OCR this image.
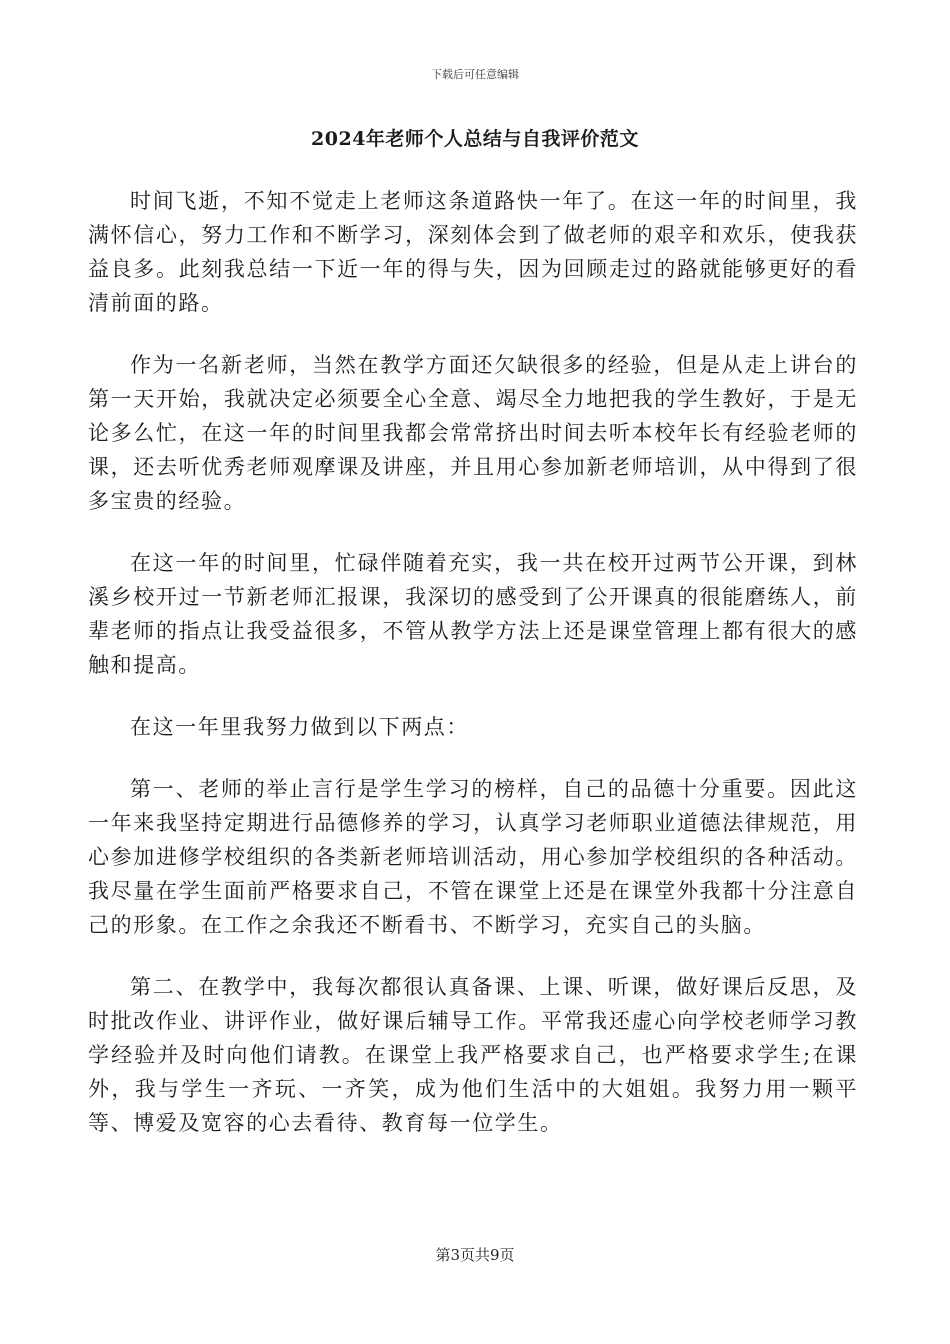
下载后可任意编辑
2024年老师个人总结与自我评价范文

时间飞逝，不知不觉走上老师这条道路快一年了。在这一年的时间里，我满怀信心，努力工作和不断学习，深刻体会到了做老师的艰辛和欢乐，使我获益良多。此刻我总结一下近一年的得与失，因为回顾走过的路就能够更好的看清前面的路。

作为一名新老师，当然在教学方面还欠缺很多的经验，但是从走上讲台的第一天开始，我就决定必须要全心全意、竭尽全力地把我的学生教好，于是无论多么忙，在这一年的时间里我都会常常挤出时间去听本校年长有经验老师的课，还去听优秀老师观摩课及讲座，并且用心参加新老师培训，从中得到了很多宝贵的经验。

在这一年的时间里，忙碌伴随着充实，我一共在校开过两节公开课，到林溪乡校开过一节新老师汇报课，我深切的感受到了公开课真的很能磨练人，前辈老师的指点让我受益很多，不管从教学方法上还是课堂管理上都有很大的感触和提高。

在这一年里我努力做到以下两点：

第一、老师的举止言行是学生学习的榜样，自己的品德十分重要。因此这一年来我坚持定期进行品德修养的学习，认真学习老师职业道德法律规范，用心参加进修学校组织的各类新老师培训活动，用心参加学校组织的各种活动。我尽量在学生面前严格要求自己，不管在课堂上还是在课堂外我都十分注意自己的形象。在工作之余我还不断看书、不断学习，充实自己的头脑。

第二、在教学中，我每次都很认真备课、上课、听课，做好课后反思，及时批改作业、讲评作业，做好课后辅导工作。平常我还虚心向学校老师学习教学经验并及时向他们请教。在课堂上我严格要求自己，也严格要求学生;在课外，我与学生一齐玩、一齐笑，成为他们生活中的大姐姐。我努力用一颗平等、博爱及宽容的心去看待、教育每一位学生。

第3页共9页
